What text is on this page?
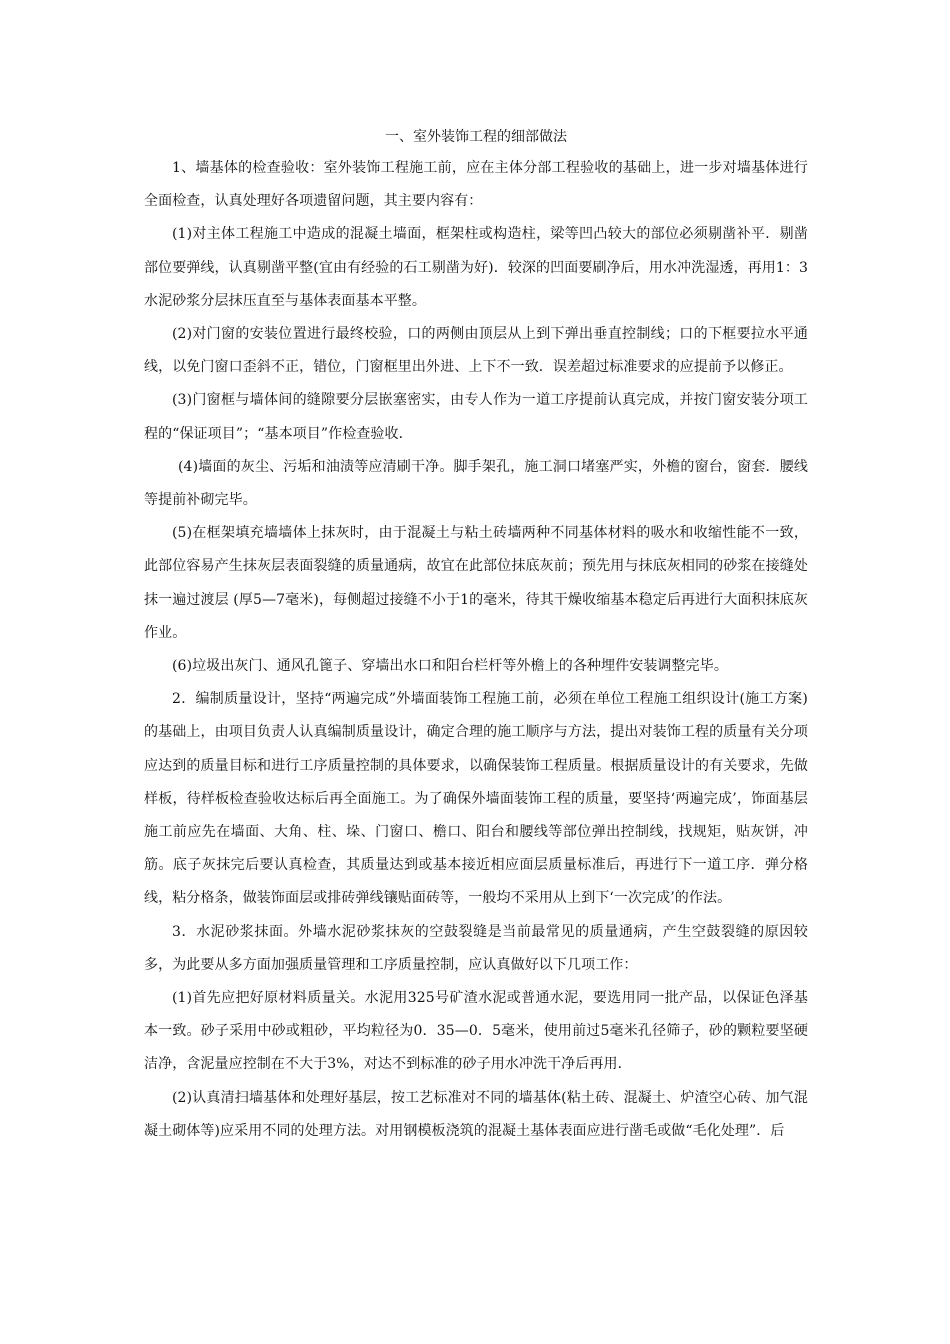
一、室外装饰工程的细部做法

1、墙基体的检查验收：室外装饰工程施工前，应在主体分部工程验收的基础上，进一步对墙基体进行全面检查，认真处理好各项遗留问题，其主要内容有：

(1)对主体工程施工中造成的混凝土墙面，框架柱或构造柱，梁等凹凸较大的部位必须剔凿补平．剔凿部位要弹线，认真剔凿平整(宜由有经验的石工剔凿为好)．较深的凹面要刷净后，用水冲洗湿透，再用1：3水泥砂浆分层抹压直至与基体表面基本平整。

(2)对门窗的安装位置进行最终校验，口的两侧由顶层从上到下弹出垂直控制线；口的下框要拉水平通线，以免门窗口歪斜不正，错位，门窗框里出外进、上下不一致．误差超过标准要求的应提前予以修正。

(3)门窗框与墙体间的缝隙要分层嵌塞密实，由专人作为一道工序提前认真完成，并按门窗安装分项工程的“保证项目”；“基本项目”作检查验收．

(4)墙面的灰尘、污垢和油渍等应清刷干净。脚手架孔，施工洞口堵塞严实，外檐的窗台，窗套．腰线等提前补砌完毕。

(5)在框架填充墙墙体上抹灰时，由于混凝土与粘土砖墙两种不同基体材料的吸水和收缩性能不一致，此部位容易产生抹灰层表面裂缝的质量通病，故宜在此部位抹底灰前；预先用与抹底灰相同的砂浆在接缝处抹一遍过渡层 (厚5—7毫米)，每侧超过接缝不小于1的毫米，待其干燥收缩基本稳定后再进行大面积抹底灰作业。

(6)垃圾出灰门、通风孔篦子、穿墙出水口和阳台栏杆等外檐上的各种埋件安装调整完毕。

2．编制质量设计，坚持“两遍完成”外墙面装饰工程施工前，必须在单位工程施工组织设计(施工方案)的基础上，由项目负责人认真编制质量设计，确定合理的施工顺序与方法，提出对装饰工程的质量有关分项应达到的质量目标和进行工序质量控制的具体要求，以确保装饰工程质量。根据质量设计的有关要求，先做样板，待样板检查验收达标后再全面施工。为了确保外墙面装饰工程的质量，要坚持‘两遍完成’，饰面基层施工前应先在墙面、大角、柱、垛、门窗口、檐口、阳台和腰线等部位弹出控制线，找规矩，贴灰饼，冲筋。底子灰抹完后要认真检查，其质量达到或基本接近相应面层质量标准后，再进行下一道工序．弹分格线，粘分格条，做装饰面层或排砖弹线镶贴面砖等，一般均不采用从上到下‘一次完成’的作法。

3．水泥砂浆抹面。外墙水泥砂浆抹灰的空鼓裂缝是当前最常见的质量通病，产生空鼓裂缝的原因较多，为此要从多方面加强质量管理和工序质量控制，应认真做好以下几项工作：

(1)首先应把好原材料质量关。水泥用325号矿渣水泥或普通水泥，要选用同一批产品，以保证色泽基本一致。砂子采用中砂或粗砂，平均粒径为0．35—0．5毫米，使用前过5毫米孔径筛子，砂的颗粒要坚硬洁净，含泥量应控制在不大于3%，对达不到标准的砂子用水冲洗干净后再用．

(2)认真清扫墙基体和处理好基层，按工艺标准对不同的墙基体(粘土砖、混凝土、炉渣空心砖、加气混凝土砌体等)应采用不同的处理方法。对用钢模板浇筑的混凝土基体表面应进行凿毛或做“毛化处理”．后
